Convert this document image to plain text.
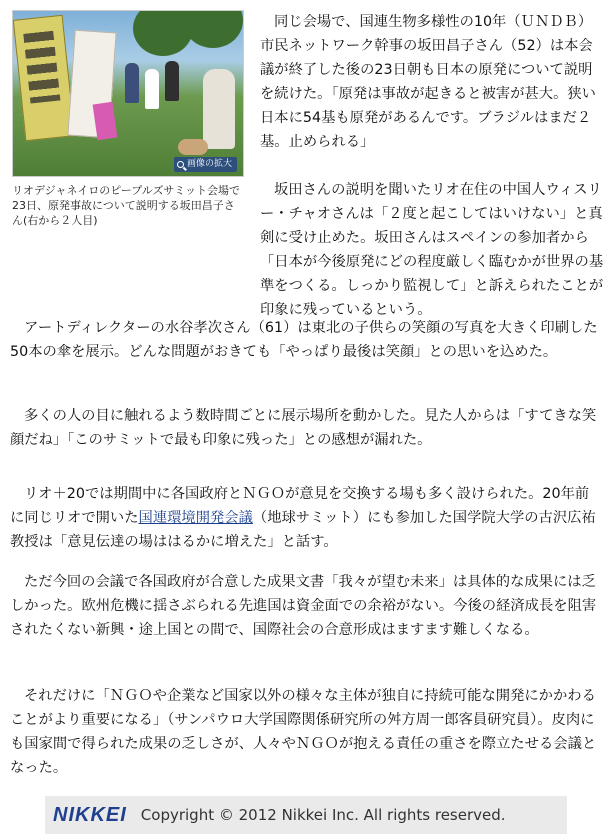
画像の拡大
リオデジャネイロのピープルズサミット会場で23日、原発事故について説明する坂田昌子さん(右から２人目)

同じ会場で、国連生物多様性の10年（ＵＮＤＢ）市民ネットワーク幹事の坂田昌子さん（52）は本会議が終了した後の23日朝も日本の原発について説明を続けた。「原発は事故が起きると被害が甚大。狭い日本に54基も原発があるんです。ブラジルはまだ２基。止められる」

坂田さんの説明を聞いたリオ在住の中国人ウィスリー・チャオさんは「２度と起こしてはいけない」と真剣に受け止めた。坂田さんはスペインの参加者から「日本が今後原発にどの程度厳しく臨むかが世界の基準をつくる。しっかり監視して」と訴えられたことが印象に残っているという。

アートディレクターの水谷孝次さん（61）は東北の子供らの笑顔の写真を大きく印刷した50本の傘を展示。どんな問題がおきても「やっぱり最後は笑顔」との思いを込めた。

多くの人の目に触れるよう数時間ごとに展示場所を動かした。見た人からは「すてきな笑顔だね」「このサミットで最も印象に残った」との感想が漏れた。

リオ＋20では期間中に各国政府とＮＧＯが意見を交換する場も多く設けられた。20年前に同じリオで開いた国連環境開発会議（地球サミット）にも参加した国学院大学の古沢広祐教授は「意見伝達の場ははるかに増えた」と話す。

ただ今回の会議で各国政府が合意した成果文書「我々が望む未来」は具体的な成果には乏しかった。欧州危機に揺さぶられる先進国は資金面での余裕がない。今後の経済成長を阻害されたくない新興・途上国との間で、国際社会の合意形成はますます難しくなる。

それだけに「ＮＧＯや企業など国家以外の様々な主体が独自に持続可能な開発にかかわることがより重要になる」（サンパウロ大学国際関係研究所の舛方周一郎客員研究員）。皮肉にも国家間で得られた成果の乏しさが、人々やＮＧＯが抱える責任の重さを際立たせる会議となった。

NIKKEI Copyright © 2012 Nikkei Inc. All rights reserved.
